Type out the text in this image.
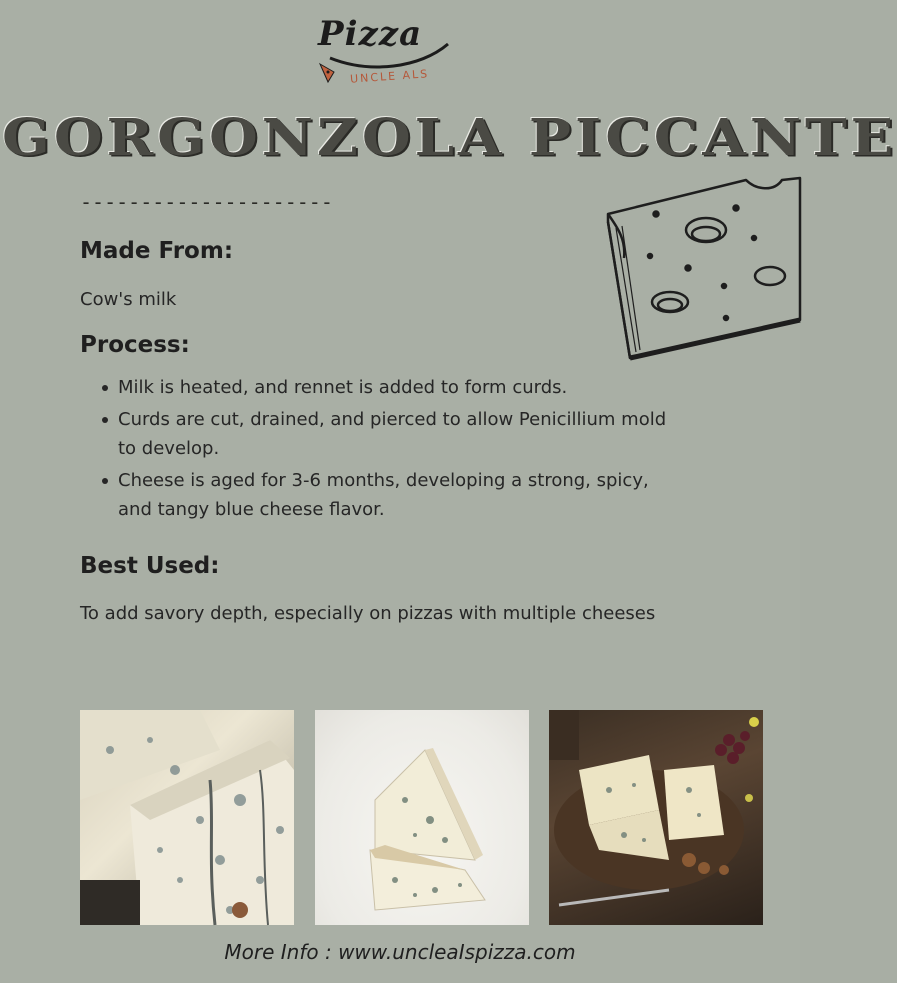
Pizza
UNCLE ALS
GORGONZOLA PICCANTE
---------------------
Made From:
Cow's milk
Process:
Milk is heated, and rennet is added to form curds.
Curds are cut, drained, and pierced to allow Penicillium mold to develop.
Cheese is aged for 3-6 months, developing a strong, spicy, and tangy blue cheese flavor.
Best Used:
To add savory depth, especially on pizzas with multiple cheeses
More Info : www.uncleaIspizza.com
